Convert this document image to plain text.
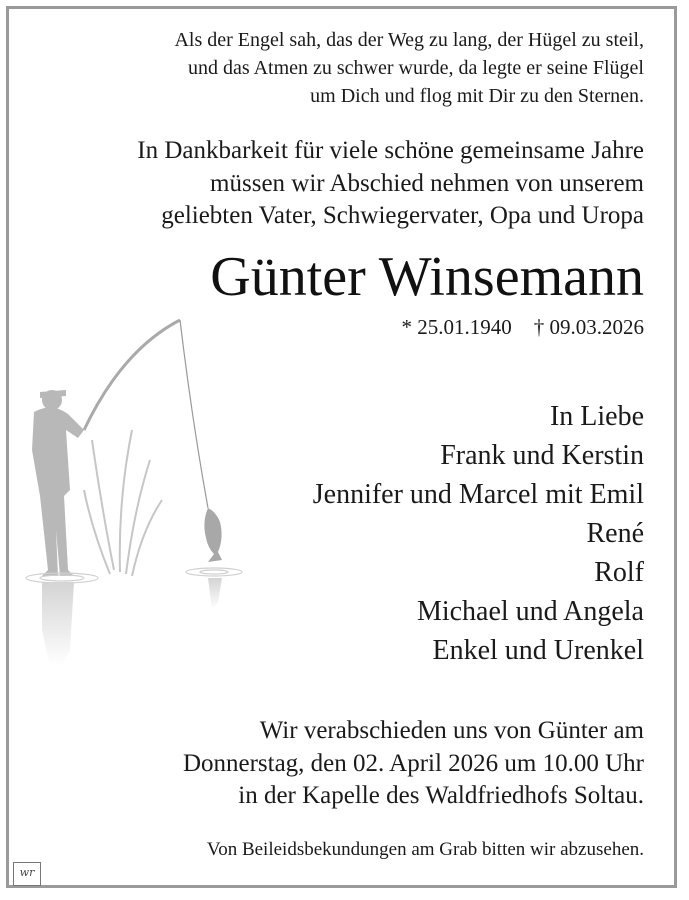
Als der Engel sah, das der Weg zu lang, der Hügel zu steil,
und das Atmen zu schwer wurde, da legte er seine Flügel
um Dich und flog mit Dir zu den Sternen.
In Dankbarkeit für viele schöne gemeinsame Jahre
müssen wir Abschied nehmen von unserem
geliebten Vater, Schwiegervater, Opa und Uropa
Günter Winsemann
* 25.01.1940 † 09.03.2026
In Liebe
Frank und Kerstin
Jennifer und Marcel mit Emil
René
Rolf
Michael und Angela
Enkel und Urenkel
Wir verabschieden uns von Günter am
Donnerstag, den 02. April 2026 um 10.00 Uhr
in der Kapelle des Waldfriedhofs Soltau.
Von Beileidsbekundungen am Grab bitten wir abzusehen.
wr
